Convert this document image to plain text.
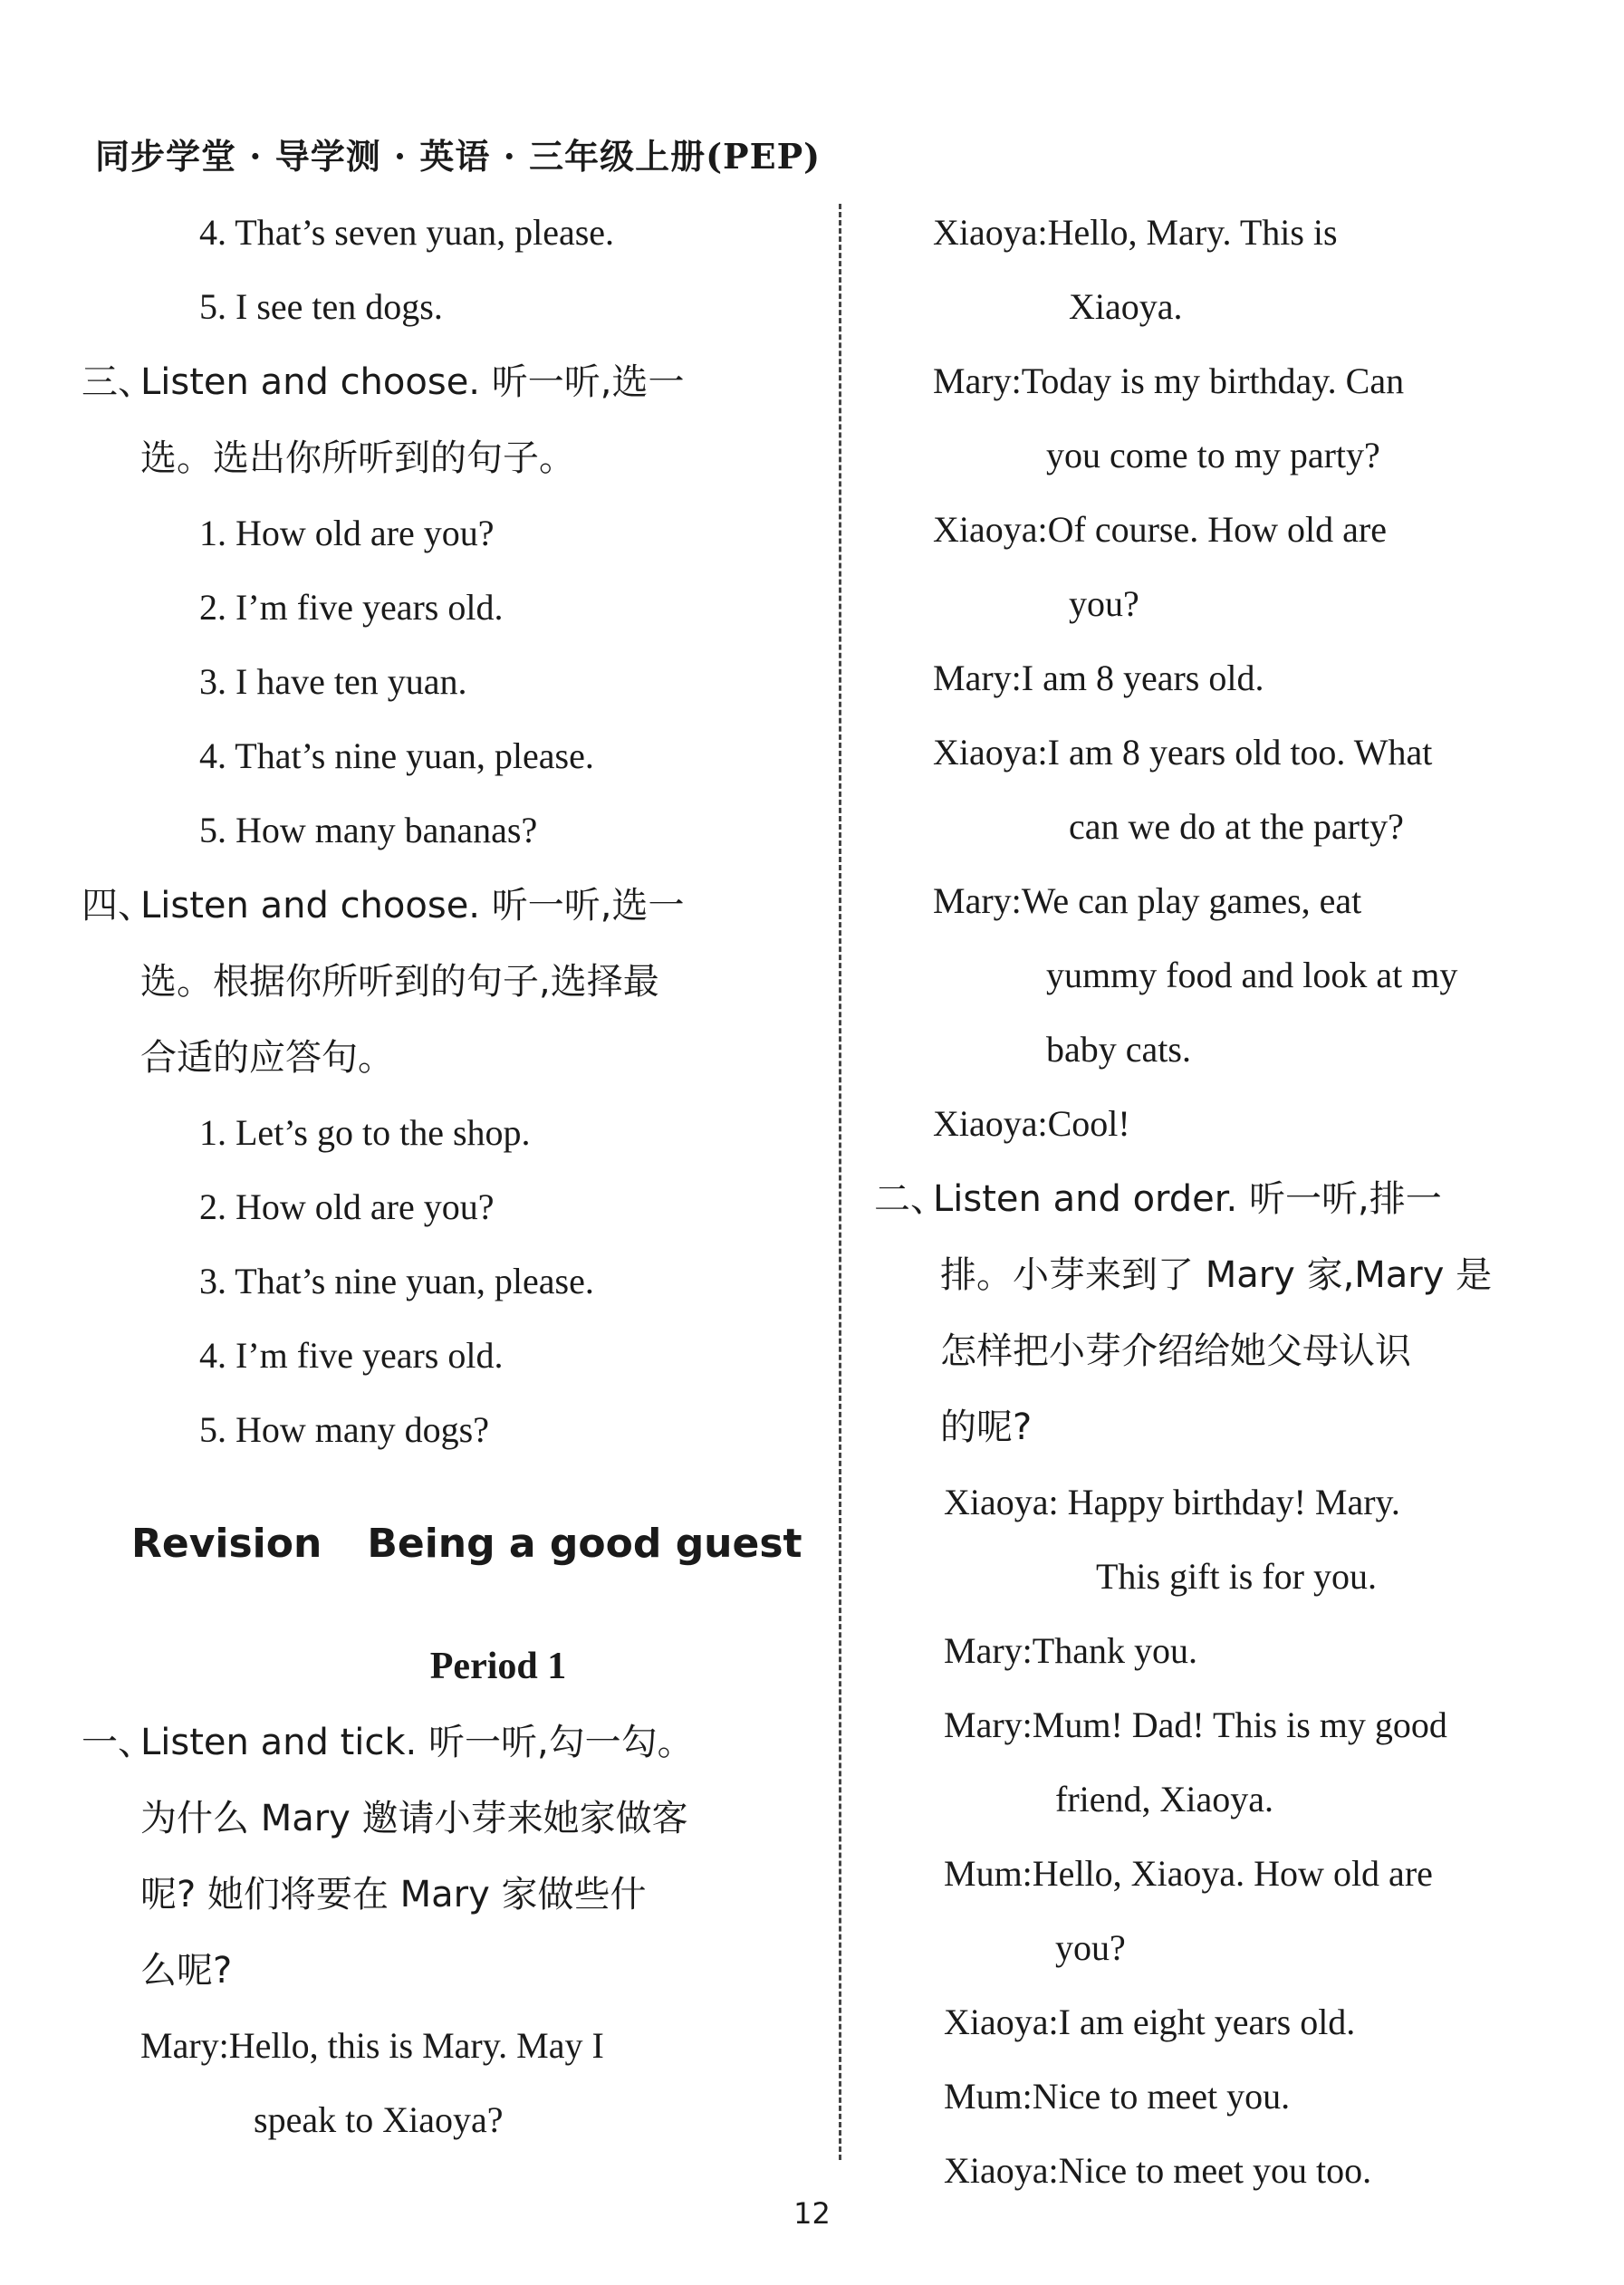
同步学堂 · 导学测 · 英语 · 三年级上册(PEP)
4. That’s seven yuan, please.
5. I see ten dogs.
三、Listen and choose. 听一听,选一
选。选出你所听到的句子。
1. How old are you?
2. I’m five years old.
3. I have ten yuan.
4. That’s nine yuan, please.
5. How many bananas?
四、Listen and choose. 听一听,选一
选。根据你所听到的句子,选择最
合适的应答句。
1. Let’s go to the shop.
2. How old are you?
3. That’s nine yuan, please.
4. I’m five years old.
5. How many dogs?
Revision Being a good guest
Period 1
一、Listen and tick. 听一听,勾一勾。
为什么 Mary 邀请小芽来她家做客
呢? 她们将要在 Mary 家做些什
么呢?
Mary:Hello, this is Mary. May I
speak to Xiaoya?
Xiaoya:Hello, Mary. This is
Xiaoya.
Mary:Today is my birthday. Can
you come to my party?
Xiaoya:Of course. How old are
you?
Mary:I am 8 years old.
Xiaoya:I am 8 years old too. What
can we do at the party?
Mary:We can play games, eat
yummy food and look at my
baby cats.
Xiaoya:Cool!
二、Listen and order. 听一听,排一
排。小芽来到了 Mary 家,Mary 是
怎样把小芽介绍给她父母认识
的呢?
Xiaoya: Happy birthday! Mary.
This gift is for you.
Mary:Thank you.
Mary:Mum! Dad! This is my good
friend, Xiaoya.
Mum:Hello, Xiaoya. How old are
you?
Xiaoya:I am eight years old.
Mum:Nice to meet you.
Xiaoya:Nice to meet you too.
12
